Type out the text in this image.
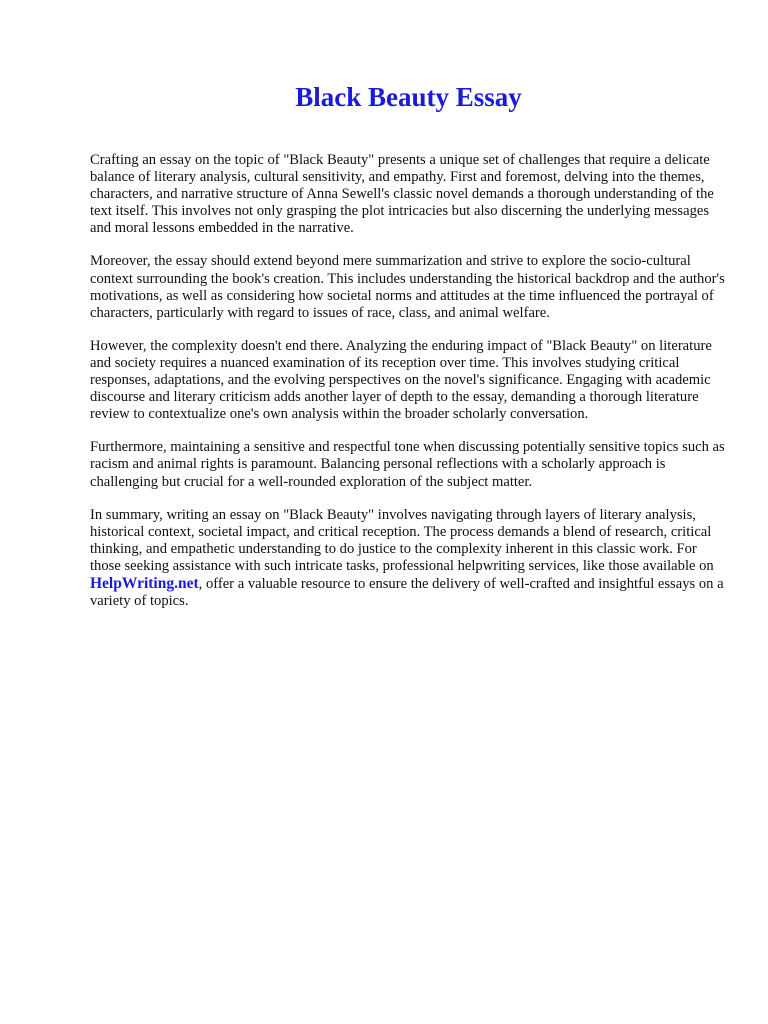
Black Beauty Essay

Crafting an essay on the topic of "Black Beauty" presents a unique set of challenges that require a delicate balance of literary analysis, cultural sensitivity, and empathy. First and foremost, delving into the themes, characters, and narrative structure of Anna Sewell's classic novel demands a thorough understanding of the text itself. This involves not only grasping the plot intricacies but also discerning the underlying messages and moral lessons embedded in the narrative.

Moreover, the essay should extend beyond mere summarization and strive to explore the socio-cultural context surrounding the book's creation. This includes understanding the historical backdrop and the author's motivations, as well as considering how societal norms and attitudes at the time influenced the portrayal of characters, particularly with regard to issues of race, class, and animal welfare.

However, the complexity doesn't end there. Analyzing the enduring impact of "Black Beauty" on literature and society requires a nuanced examination of its reception over time. This involves studying critical responses, adaptations, and the evolving perspectives on the novel's significance. Engaging with academic discourse and literary criticism adds another layer of depth to the essay, demanding a thorough literature review to contextualize one's own analysis within the broader scholarly conversation.

Furthermore, maintaining a sensitive and respectful tone when discussing potentially sensitive topics such as racism and animal rights is paramount. Balancing personal reflections with a scholarly approach is challenging but crucial for a well-rounded exploration of the subject matter.

In summary, writing an essay on "Black Beauty" involves navigating through layers of literary analysis, historical context, societal impact, and critical reception. The process demands a blend of research, critical thinking, and empathetic understanding to do justice to the complexity inherent in this classic work. For those seeking assistance with such intricate tasks, professional helpwriting services, like those available on HelpWriting.net, offer a valuable resource to ensure the delivery of well-crafted and insightful essays on a variety of topics.
